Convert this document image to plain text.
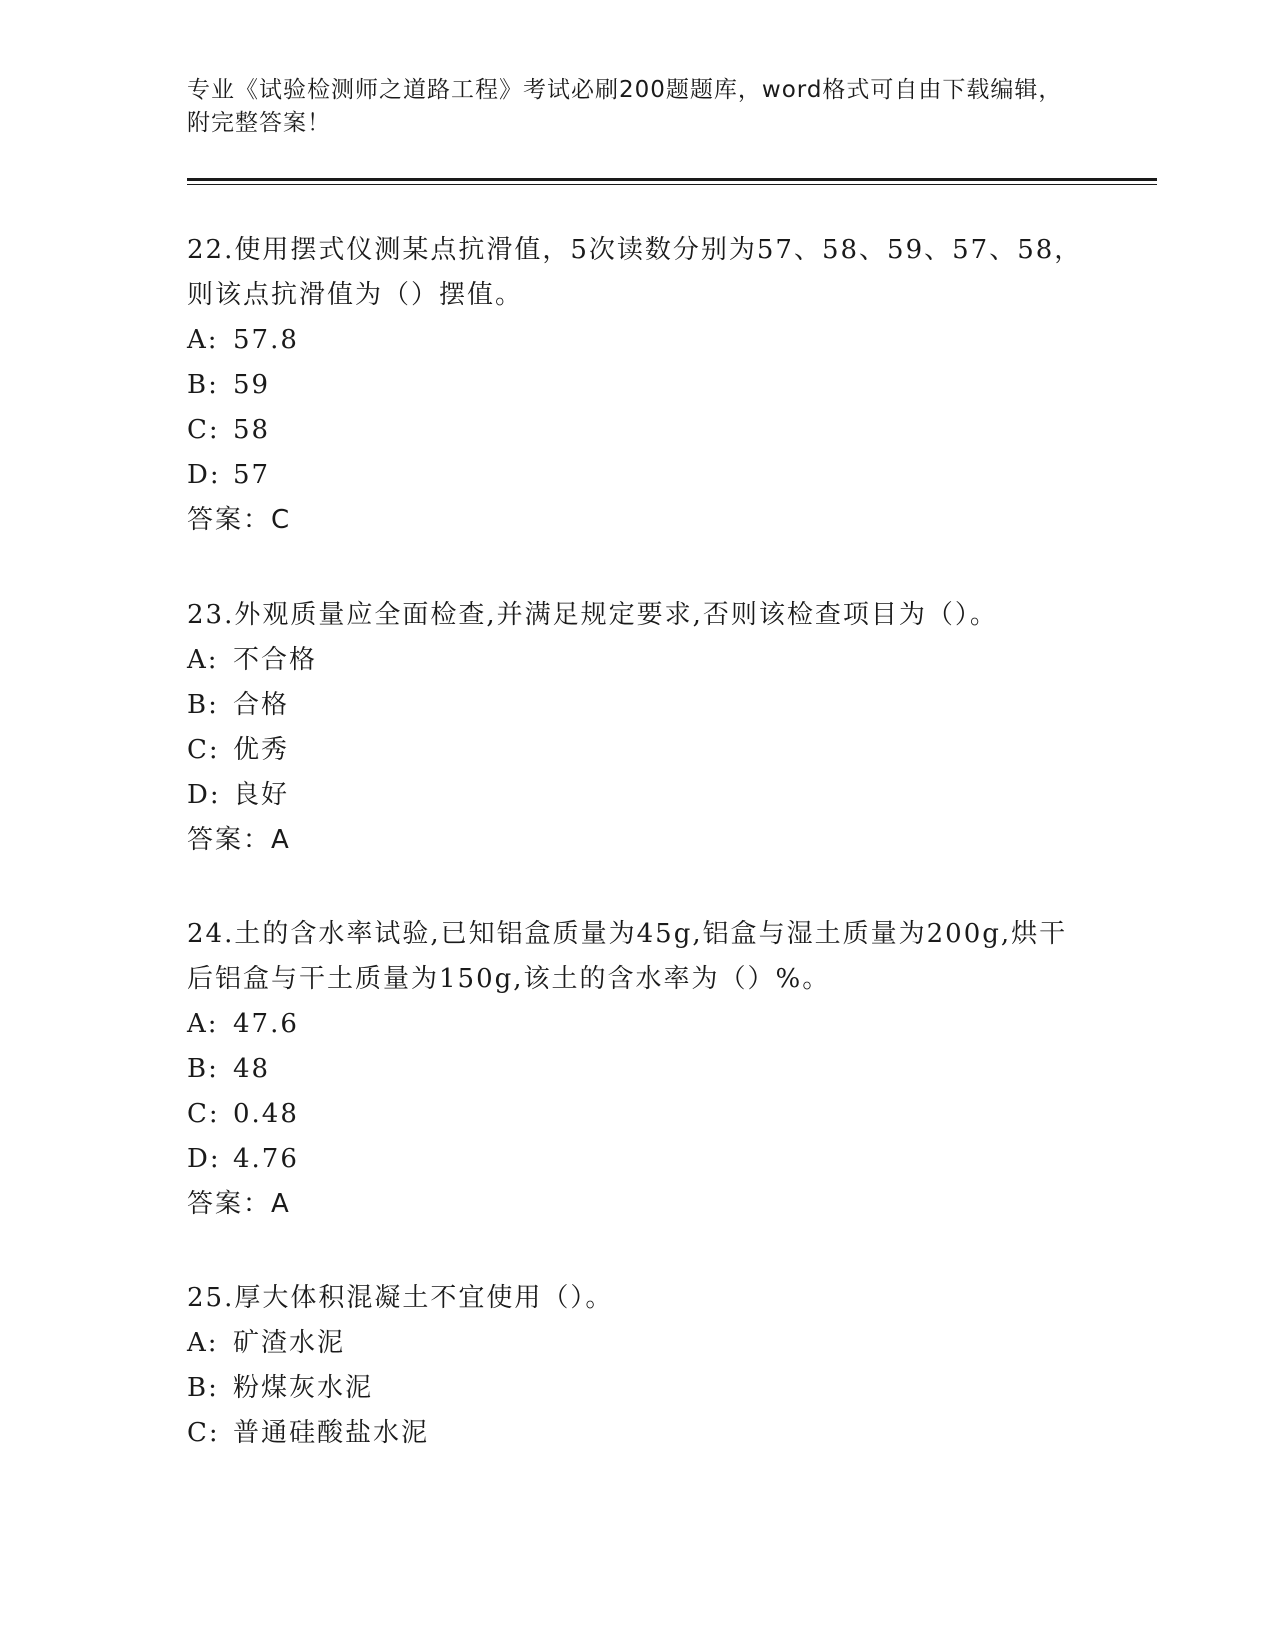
专业《试验检测师之道路工程》考试必刷200题题库，word格式可自由下载编辑，附完整答案！

22.使用摆式仪测某点抗滑值，5次读数分别为57、58、59、57、58，则该点抗滑值为（）摆值。

A: 57.8

B: 59

C: 58

D: 57

答案：C

23.外观质量应全面检查,并满足规定要求,否则该检查项目为（）。

A: 不合格

B: 合格

C: 优秀

D: 良好

答案：A

24.土的含水率试验,已知铝盒质量为45g,铝盒与湿土质量为200g,烘干后铝盒与干土质量为150g,该土的含水率为（）%。

A: 47.6

B: 48

C: 0.48

D: 4.76

答案：A

25.厚大体积混凝土不宜使用（）。

A: 矿渣水泥

B: 粉煤灰水泥

C: 普通硅酸盐水泥
